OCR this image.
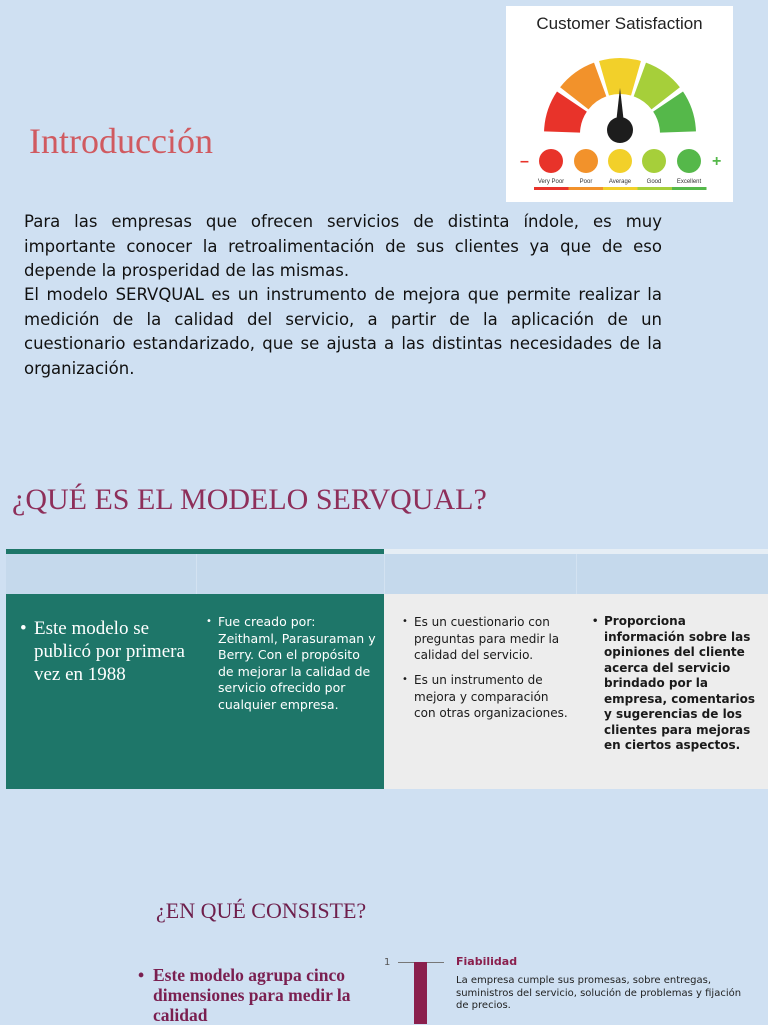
–	+
Very Poor	Poor	Average	Good	Excellent
Customer Satisfaction
Introducción
Para las empresas que ofrecen servicios de distinta índole, es muy importante conocer la retroalimentación de sus clientes ya que de eso depende la prosperidad de las mismas.
El modelo SERVQUAL es un instrumento de mejora que permite realizar la medición de la calidad del servicio, a partir de la aplicación de un cuestionario estandarizado, que se ajusta a las distintas necesidades de la organización.
¿QUÉ ES EL MODELO SERVQUAL?
• Este modelo se publicó por primera vez en 1988
• Fue creado por: Zeithaml, Parasuraman y Berry. Con el propósito de mejorar la calidad de servicio ofrecido por cualquier empresa.
• Es un cuestionario con preguntas para medir la calidad del servicio.
• Es un instrumento de mejora y comparación con otras organizaciones.
• Proporciona información sobre las opiniones del cliente acerca del servicio brindado por la empresa, comentarios y sugerencias de los clientes para mejoras en ciertos aspectos.
¿EN QUÉ CONSISTE?
• Este modelo agrupa cinco dimensiones para medir la calidad
1	Fiabilidad
La empresa cumple sus promesas, sobre entregas, suministros del servicio, solución de problemas y fijación de precios.
